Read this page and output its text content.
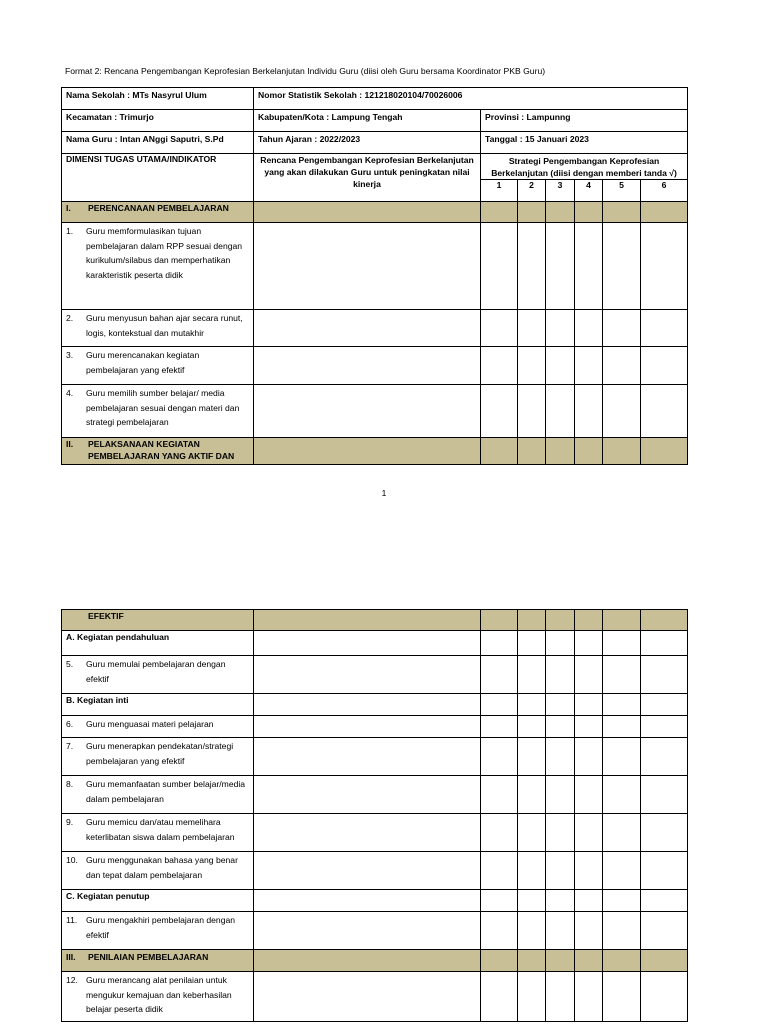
Format 2: Rencana Pengembangan Keprofesian Berkelanjutan Individu Guru (diisi oleh Guru bersama Koordinator PKB Guru)
Nama Sekolah : MTs Nasyrul Ulum	Nomor Statistik Sekolah : 121218020104/70026006						

Kecamatan : Trimurjo	Kabupaten/Kota : Lampung Tengah	Provinsi : Lampunng					

Nama Guru : Intan ANggi Saputri, S.Pd	Tahun Ajaran : 2022/2023	Tanggal : 15 Januari 2023					

DIMENSI TUGAS UTAMA/INDIKATOR	Rencana Pengembangan Keprofesian Berkelanjutan yang akan dilakukan Guru untuk peningkatan nilai kinerja	Strategi Pengembangan Keprofesian Berkelanjutan (diisi dengan memberi tanda √)					
		1	2	3	4	5	6

I. PERENCANAAN PEMBELAJARAN							

1. Guru memformulasikan tujuan pembelajaran dalam RPP sesuai dengan kurikulum/silabus dan memperhatikan karakteristik peserta didik							

2. Guru menyusun bahan ajar secara runut, logis, kontekstual dan mutakhir							

3. Guru merencanakan kegiatan pembelajaran yang efektif							

4. Guru memilih sumber belajar/ media pembelajaran sesuai dengan materi dan strategi pembelajaran							

II. PELAKSANAAN KEGIATAN PEMBELAJARAN YANG AKTIF DAN							

1
EFEKTIF							

A. Kegiatan pendahuluan							

5. Guru memulai pembelajaran dengan efektif							

B. Kegiatan inti							

6. Guru menguasai materi pelajaran							

7. Guru menerapkan pendekatan/strategi pembelajaran yang efektif							

8. Guru memanfaatan sumber belajar/media dalam pembelajaran							

9. Guru memicu dan/atau memelihara keterlibatan siswa dalam pembelajaran							

10. Guru menggunakan bahasa yang benar dan tepat dalam pembelajaran							

C. Kegiatan penutup							

11. Guru mengakhiri pembelajaran dengan efektif							

III. PENILAIAN PEMBELAJARAN							

12. Guru merancang alat penilaian untuk mengukur kemajuan dan keberhasilan belajar peserta didik							
